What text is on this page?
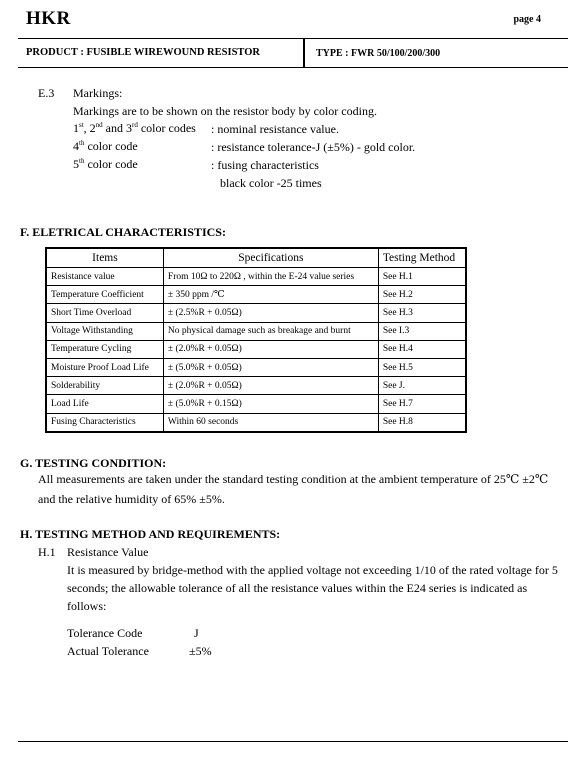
HKR	page 4
PRODUCT : FUSIBLE WIREWOUND RESISTOR	TYPE : FWR 50/100/200/300
E.3 Markings:
Markings are to be shown on the resistor body by color coding.
1st, 2nd and 3rd color codes : nominal resistance value.
4th color code	: resistance tolerance-J (±5%) - gold color.
5th color code	: fusing characteristics
black color -25 times
F. ELETRICAL CHARACTERISTICS:
Items	Specifications	Testing Method
Resistance value	From 10Ω to 220Ω , within the E-24 value series	See H.1
Temperature Coefficient	± 350 ppm /℃	See H.2
Short Time Overload	± (2.5%R + 0.05Ω)	See H.3
Voltage Withstanding	No physical damage such as breakage and burnt	See I.3
Temperature Cycling	± (2.0%R + 0.05Ω)	See H.4
Moisture Proof Load Life	± (5.0%R + 0.05Ω)	See H.5
Solderability	± (2.0%R + 0.05Ω)	See J.
Load Life	± (5.0%R + 0.15Ω)	See H.7
Fusing Characteristics	Within 60 seconds	See H.8
G. TESTING CONDITION:
All measurements are taken under the standard testing condition at the ambient temperature of 25℃ ±2℃
and the relative humidity of 65% ±5%.
H. TESTING METHOD AND REQUIREMENTS:
H.1 Resistance Value
It is measured by bridge-method with the applied voltage not exceeding 1/10 of the rated voltage for 5
seconds; the allowable tolerance of all the resistance values within the E24 series is indicated as
follows:
Tolerance Code	J
Actual Tolerance	±5%
